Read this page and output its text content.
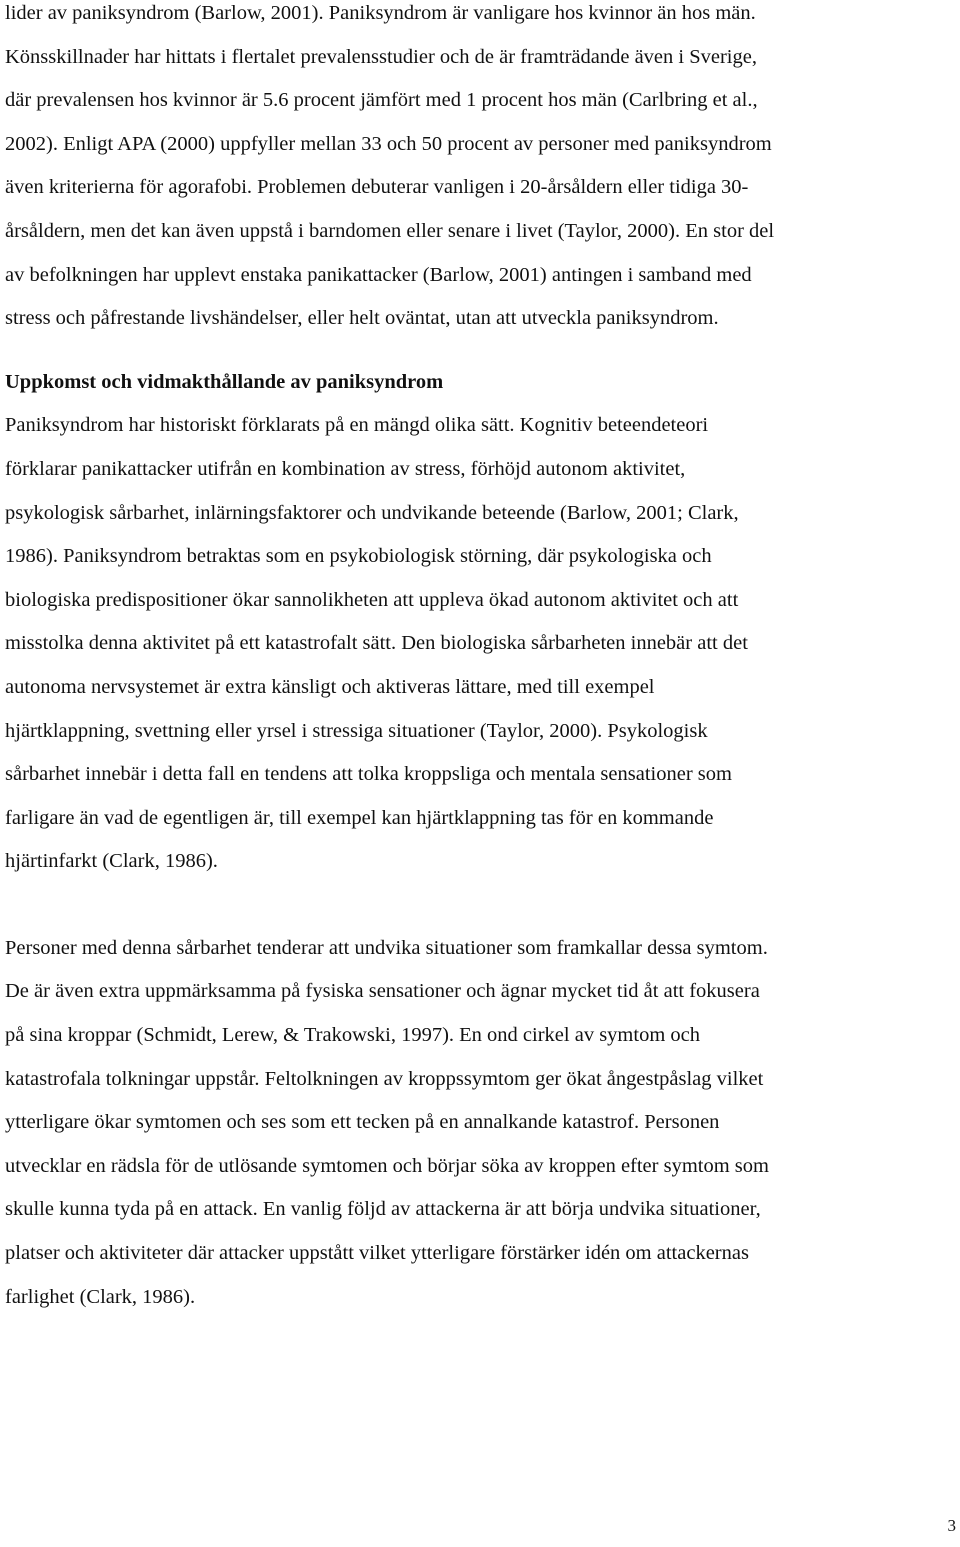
lider av paniksyndrom (Barlow, 2001). Paniksyndrom är vanligare hos kvinnor än hos män.
Könsskillnader har hittats i flertalet prevalensstudier och de är framträdande även i Sverige,
där prevalensen hos kvinnor är 5.6 procent jämfört med 1 procent hos män (Carlbring et al.,
2002). Enligt APA (2000) uppfyller mellan 33 och 50 procent av personer med paniksyndrom
även kriterierna för agorafobi. Problemen debuterar vanligen i 20-årsåldern eller tidiga 30-
årsåldern, men det kan även uppstå i barndomen eller senare i livet (Taylor, 2000). En stor del
av befolkningen har upplevt enstaka panikattacker (Barlow, 2001) antingen i samband med
stress och påfrestande livshändelser, eller helt oväntat, utan att utveckla paniksyndrom.

Uppkomst och vidmakthållande av paniksyndrom

Paniksyndrom har historiskt förklarats på en mängd olika sätt. Kognitiv beteendeteori
förklarar panikattacker utifrån en kombination av stress, förhöjd autonom aktivitet,
psykologisk sårbarhet, inlärningsfaktorer och undvikande beteende (Barlow, 2001; Clark,
1986). Paniksyndrom betraktas som en psykobiologisk störning, där psykologiska och
biologiska predispositioner ökar sannolikheten att uppleva ökad autonom aktivitet och att
misstolka denna aktivitet på ett katastrofalt sätt. Den biologiska sårbarheten innebär att det
autonoma nervsystemet är extra känsligt och aktiveras lättare, med till exempel
hjärtklappning, svettning eller yrsel i stressiga situationer (Taylor, 2000). Psykologisk
sårbarhet innebär i detta fall en tendens att tolka kroppsliga och mentala sensationer som
farligare än vad de egentligen är, till exempel kan hjärtklappning tas för en kommande
hjärtinfarkt (Clark, 1986).

Personer med denna sårbarhet tenderar att undvika situationer som framkallar dessa symtom.
De är även extra uppmärksamma på fysiska sensationer och ägnar mycket tid åt att fokusera
på sina kroppar (Schmidt, Lerew, & Trakowski, 1997). En ond cirkel av symtom och
katastrofala tolkningar uppstår. Feltolkningen av kroppssymtom ger ökat ångestpåslag vilket
ytterligare ökar symtomen och ses som ett tecken på en annalkande katastrof. Personen
utvecklar en rädsla för de utlösande symtomen och börjar söka av kroppen efter symtom som
skulle kunna tyda på en attack. En vanlig följd av attackerna är att börja undvika situationer,
platser och aktiviteter där attacker uppstått vilket ytterligare förstärker idén om attackernas
farlighet (Clark, 1986).

3
